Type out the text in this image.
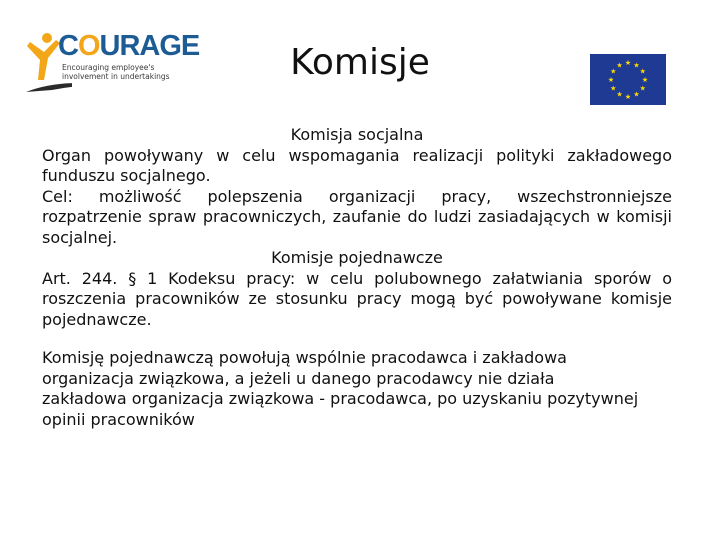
COURAGE
Encouraging employee's
involvement in undertakings	Komisje	★ ★
★
★
★
★
★
★
★
★
★
★

Komisja socjalna

Organ powoływany w celu wspomagania realizacji polityki zakładowego funduszu socjalnego.

Cel: możliwość polepszenia organizacji pracy, wszechstronniejsze rozpatrzenie spraw pracowniczych, zaufanie do ludzi zasiadających w komisji socjalnej.

Komisje pojednawcze

Art. 244. § 1 Kodeksu pracy: w celu polubownego załatwiania sporów o roszczenia pracowników ze stosunku pracy mogą być powoływane komisje pojednawcze.

Komisję pojednawczą powołują wspólnie pracodawca i zakładowa organizacja związkowa, a jeżeli u danego pracodawcy nie działa zakładowa organizacja związkowa - pracodawca, po uzyskaniu pozytywnej opinii pracowników
